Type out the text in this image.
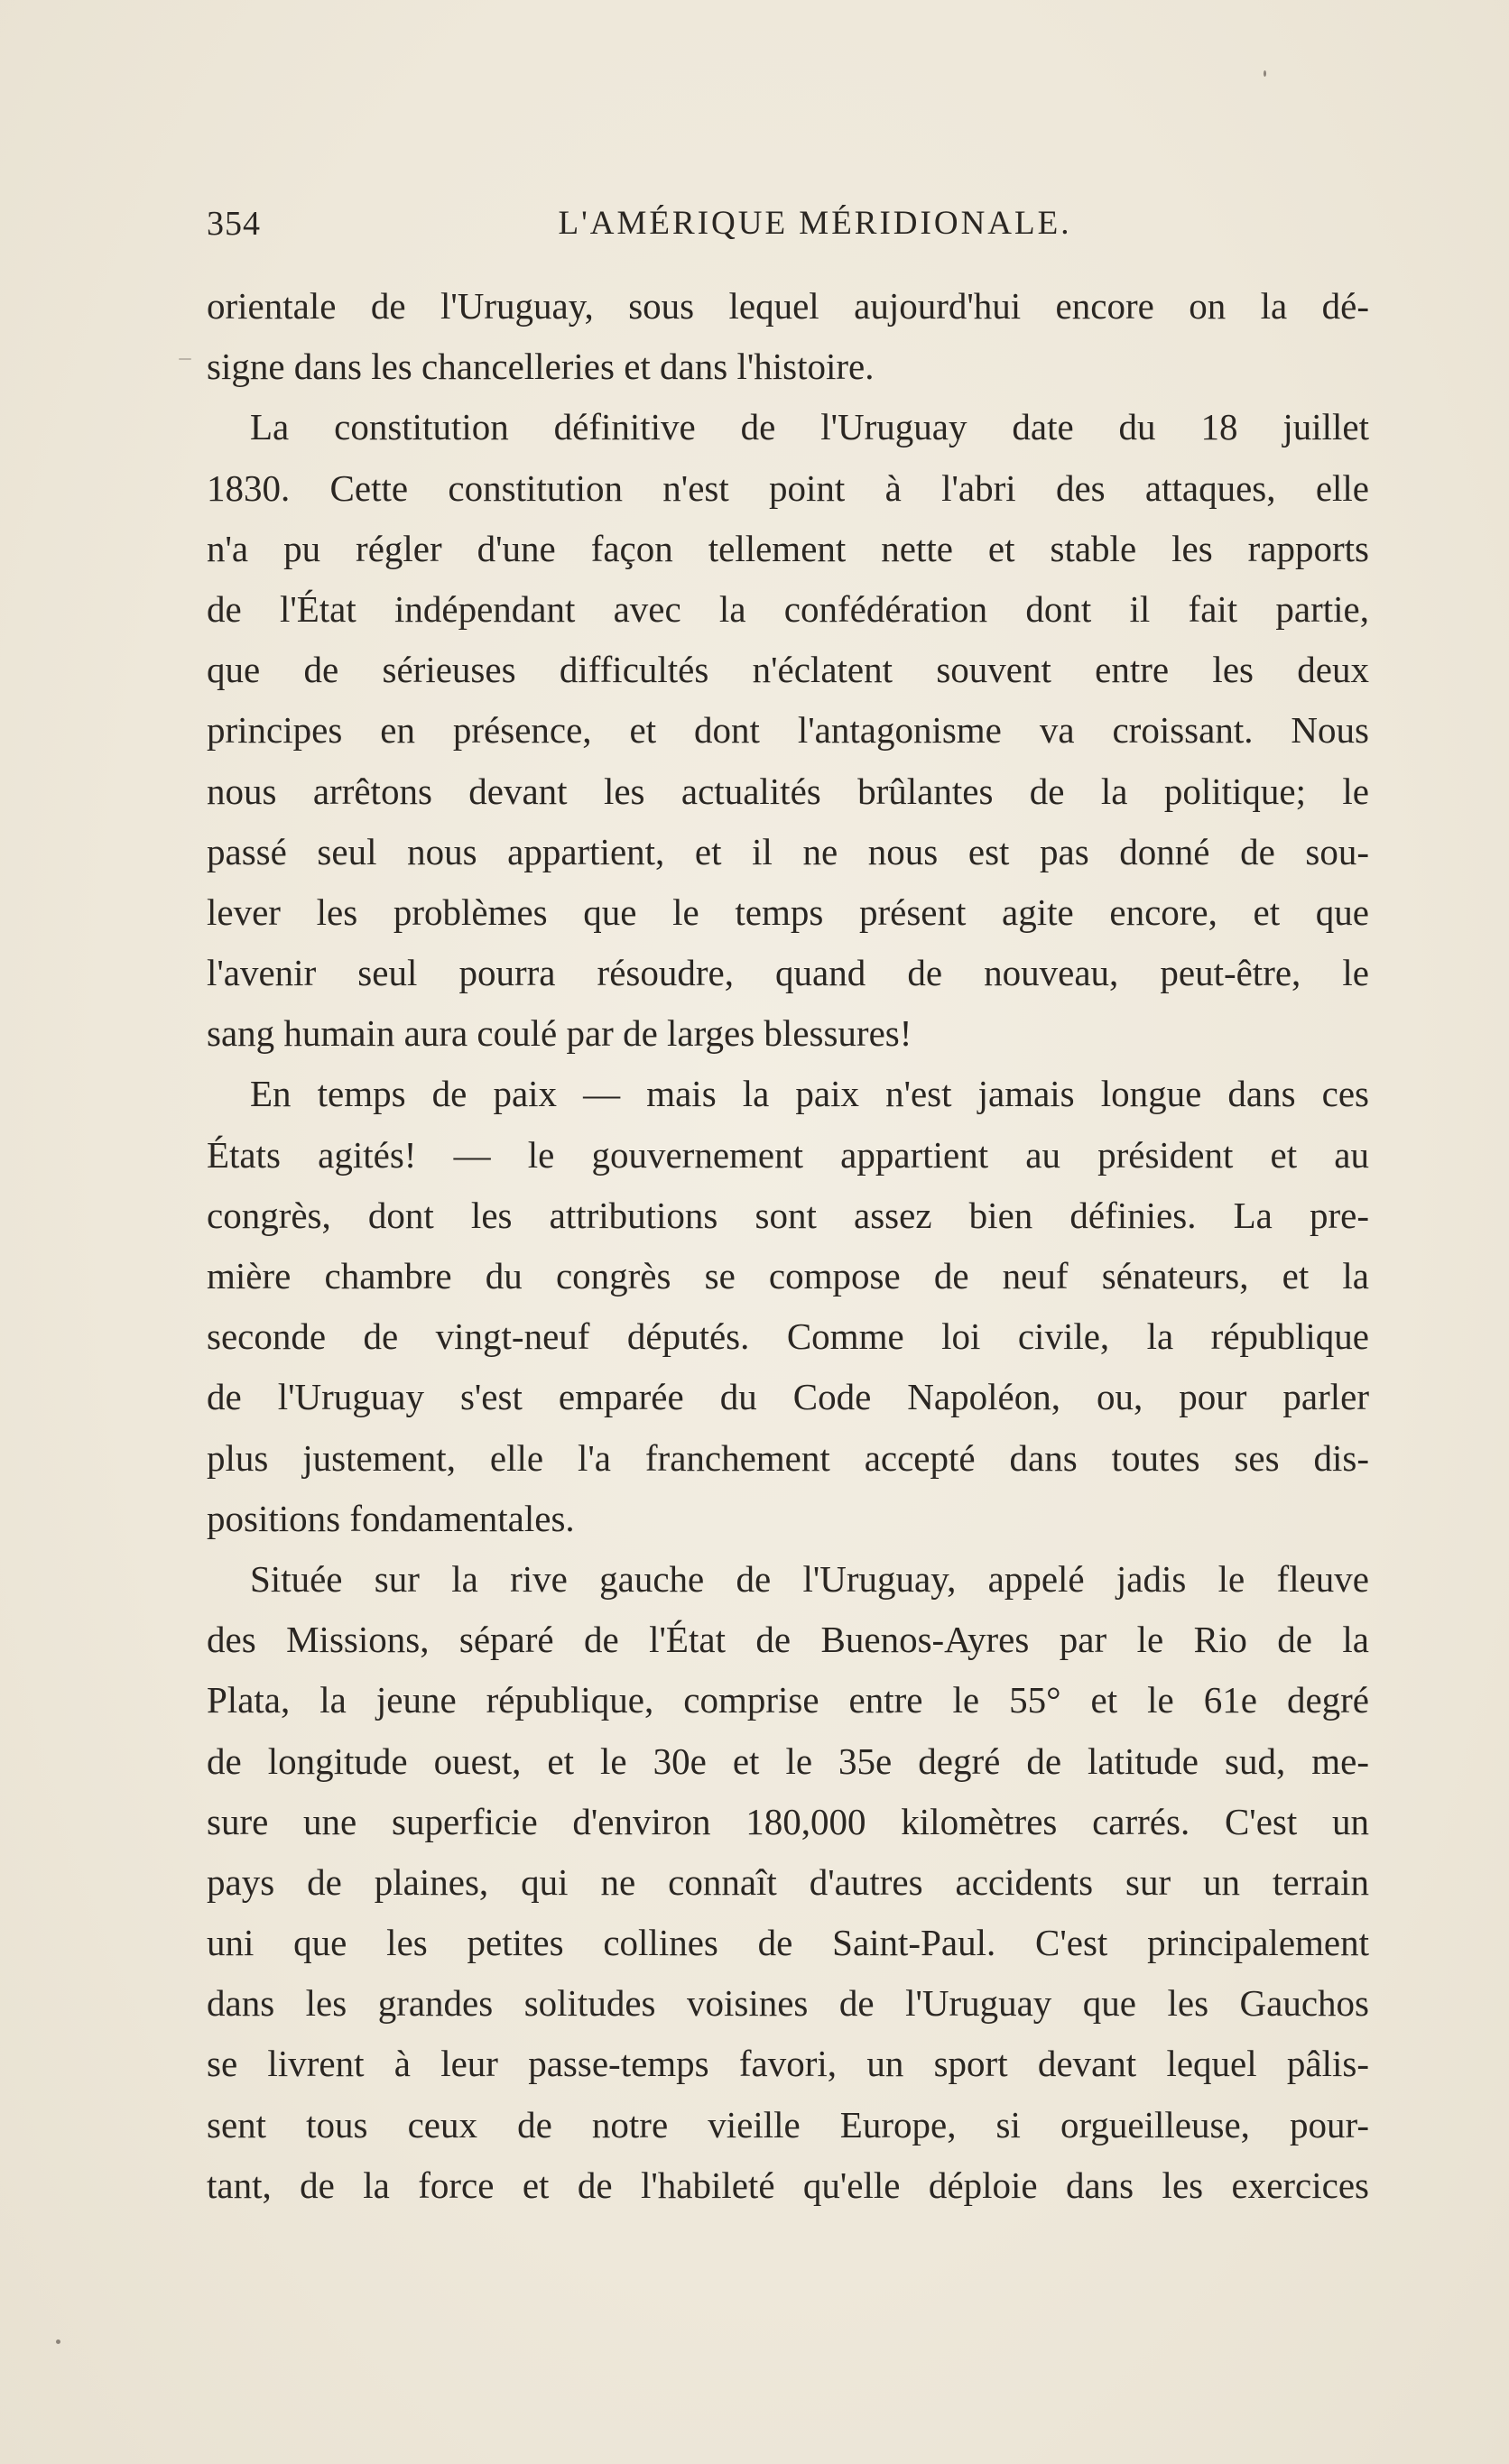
354	L'AMÉRIQUE MÉRIDIONALE.
orientale de l'Uruguay, sous lequel aujourd'hui encore on la dé-
signe dans les chancelleries et dans l'histoire.
La constitution définitive de l'Uruguay date du 18 juillet
1830. Cette constitution n'est point à l'abri des attaques, elle
n'a pu régler d'une façon tellement nette et stable les rapports
de l'État indépendant avec la confédération dont il fait partie,
que de sérieuses difficultés n'éclatent souvent entre les deux
principes en présence, et dont l'antagonisme va croissant. Nous
nous arrêtons devant les actualités brûlantes de la politique; le
passé seul nous appartient, et il ne nous est pas donné de sou-
lever les problèmes que le temps présent agite encore, et que
l'avenir seul pourra résoudre, quand de nouveau, peut-être, le
sang humain aura coulé par de larges blessures!
En temps de paix — mais la paix n'est jamais longue dans ces
États agités! — le gouvernement appartient au président et au
congrès, dont les attributions sont assez bien définies. La pre-
mière chambre du congrès se compose de neuf sénateurs, et la
seconde de vingt-neuf députés. Comme loi civile, la république
de l'Uruguay s'est emparée du Code Napoléon, ou, pour parler
plus justement, elle l'a franchement accepté dans toutes ses dis-
positions fondamentales.
Située sur la rive gauche de l'Uruguay, appelé jadis le fleuve
des Missions, séparé de l'État de Buenos-Ayres par le Rio de la
Plata, la jeune république, comprise entre le 55° et le 61e degré
de longitude ouest, et le 30e et le 35e degré de latitude sud, me-
sure une superficie d'environ 180,000 kilomètres carrés. C'est un
pays de plaines, qui ne connaît d'autres accidents sur un terrain
uni que les petites collines de Saint-Paul. C'est principalement
dans les grandes solitudes voisines de l'Uruguay que les Gauchos
se livrent à leur passe-temps favori, un sport devant lequel pâlis-
sent tous ceux de notre vieille Europe, si orgueilleuse, pour-
tant, de la force et de l'habileté qu'elle déploie dans les exercices
